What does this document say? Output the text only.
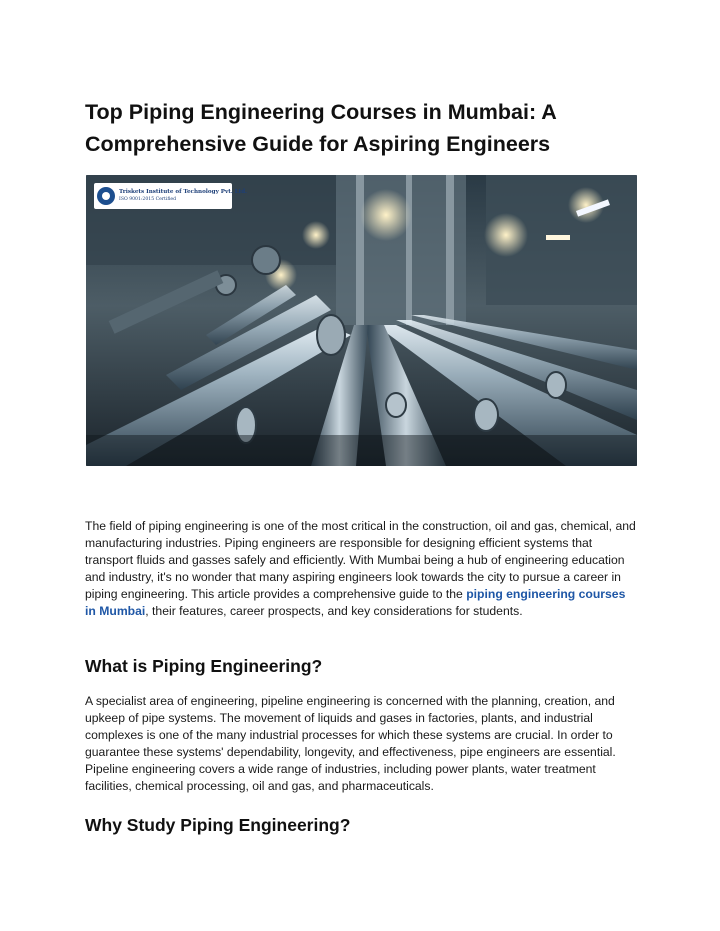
Top Piping Engineering Courses in Mumbai: A Comprehensive Guide for Aspiring Engineers
Triskets Institute of Technology Pvt. Ltd.
ISO 9001:2015 Certified

The field of piping engineering is one of the most critical in the construction, oil and gas, chemical, and manufacturing industries. Piping engineers are responsible for designing efficient systems that transport fluids and gasses safely and efficiently. With Mumbai being a hub of engineering education and industry, it's no wonder that many aspiring engineers look towards the city to pursue a career in piping engineering. This article provides a comprehensive guide to the piping engineering courses in Mumbai, their features, career prospects, and key considerations for students.

What is Piping Engineering?

A specialist area of engineering, pipeline engineering is concerned with the planning, creation, and upkeep of pipe systems. The movement of liquids and gases in factories, plants, and industrial complexes is one of the many industrial processes for which these systems are crucial. In order to guarantee these systems' dependability, longevity, and effectiveness, pipe engineers are essential. Pipeline engineering covers a wide range of industries, including power plants, water treatment facilities, chemical processing, oil and gas, and pharmaceuticals.

Why Study Piping Engineering?
